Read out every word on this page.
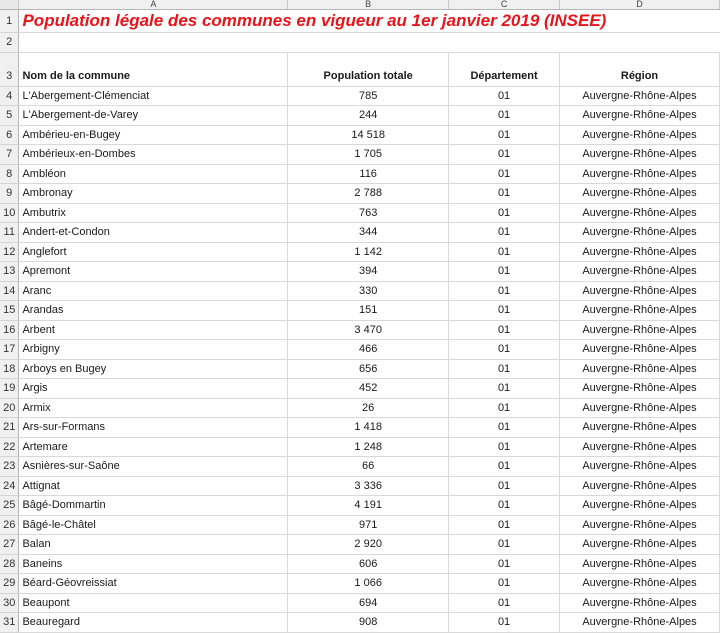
	A	B	C	D
1	Population légale des communes en vigueur au 1er janvier 2019 (INSEE)			
2				
3	Nom de la commune	Population totale	Département	Région
4	L'Abergement-Clémenciat	785	01	Auvergne-Rhône-Alpes
5	L'Abergement-de-Varey	244	01	Auvergne-Rhône-Alpes
6	Ambérieu-en-Bugey	14 518	01	Auvergne-Rhône-Alpes
7	Ambérieux-en-Dombes	1 705	01	Auvergne-Rhône-Alpes
8	Ambléon	116	01	Auvergne-Rhône-Alpes
9	Ambronay	2 788	01	Auvergne-Rhône-Alpes
10	Ambutrix	763	01	Auvergne-Rhône-Alpes
11	Andert-et-Condon	344	01	Auvergne-Rhône-Alpes
12	Anglefort	1 142	01	Auvergne-Rhône-Alpes
13	Apremont	394	01	Auvergne-Rhône-Alpes
14	Aranc	330	01	Auvergne-Rhône-Alpes
15	Arandas	151	01	Auvergne-Rhône-Alpes
16	Arbent	3 470	01	Auvergne-Rhône-Alpes
17	Arbigny	466	01	Auvergne-Rhône-Alpes
18	Arboys en Bugey	656	01	Auvergne-Rhône-Alpes
19	Argis	452	01	Auvergne-Rhône-Alpes
20	Armix	26	01	Auvergne-Rhône-Alpes
21	Ars-sur-Formans	1 418	01	Auvergne-Rhône-Alpes
22	Artemare	1 248	01	Auvergne-Rhône-Alpes
23	Asnières-sur-Saône	66	01	Auvergne-Rhône-Alpes
24	Attignat	3 336	01	Auvergne-Rhône-Alpes
25	Bâgé-Dommartin	4 191	01	Auvergne-Rhône-Alpes
26	Bâgé-le-Châtel	971	01	Auvergne-Rhône-Alpes
27	Balan	2 920	01	Auvergne-Rhône-Alpes
28	Baneins	606	01	Auvergne-Rhône-Alpes
29	Béard-Géovreissiat	1 066	01	Auvergne-Rhône-Alpes
30	Beaupont	694	01	Auvergne-Rhône-Alpes
31	Beauregard	908	01	Auvergne-Rhône-Alpes
